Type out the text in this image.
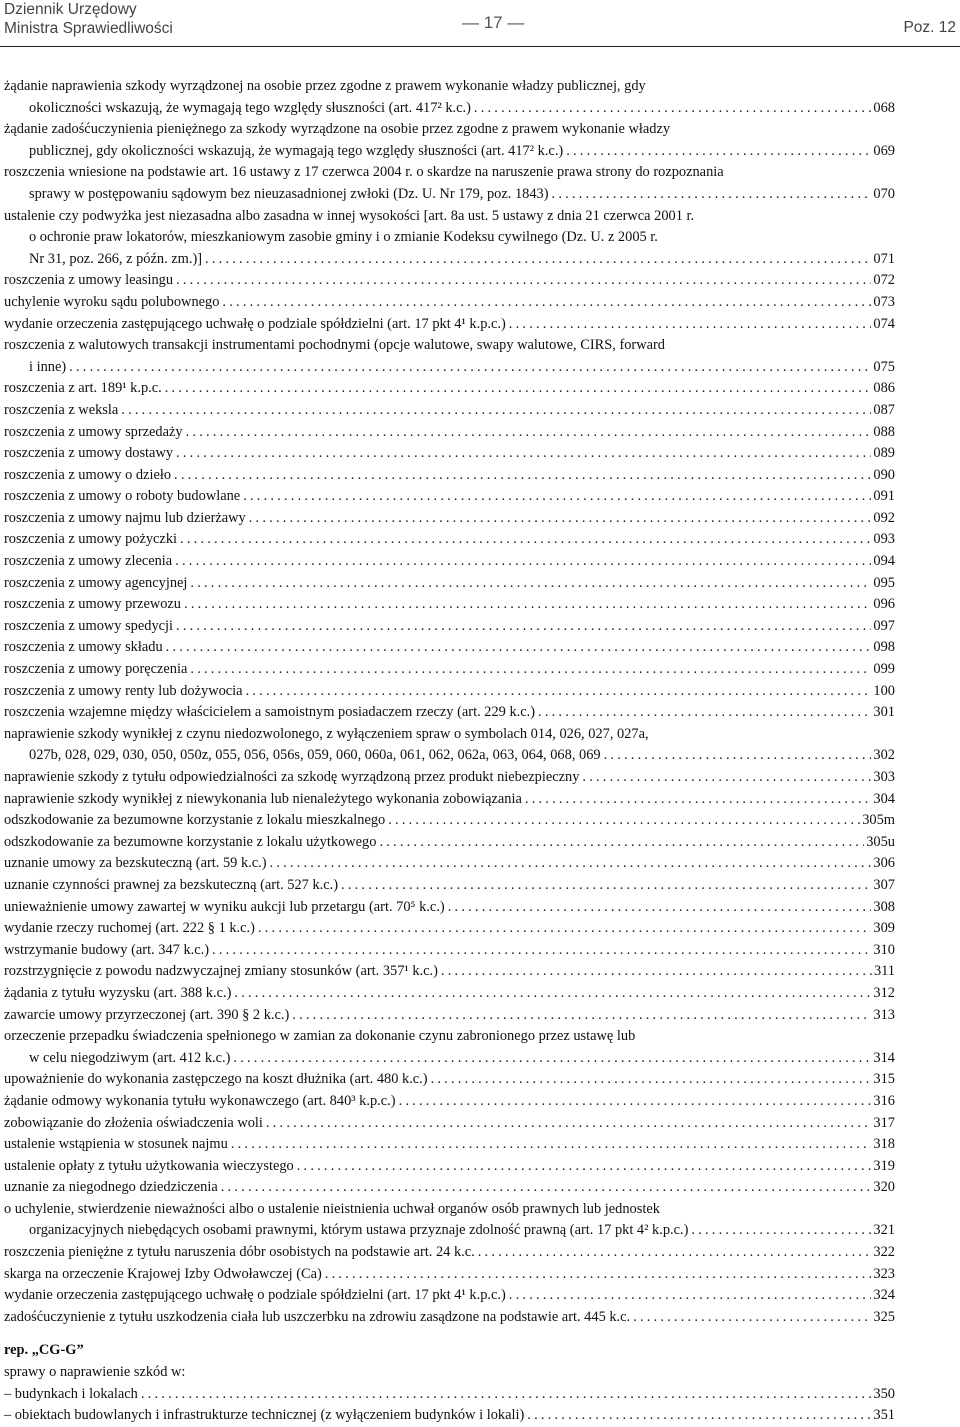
Dziennik Urzędowy
Ministra Sprawiedliwości	— 17 —	Poz. 12
żądanie naprawienia szkody wyrządzonej na osobie przez zgodne z prawem wykonanie władzy publicznej, gdy
okoliczności wskazują, że wymagają tego względy słuszności (art. 417² k.c.) .....	068
żądanie zadośćuczynienia pieniężnego za szkody wyrządzone na osobie przez zgodne z prawem wykonanie władzy
publicznej, gdy okoliczności wskazują, że wymagają tego względy słuszności (art. 417² k.c.) .....	069
roszczenia wniesione na podstawie art. 16 ustawy z 17 czerwca 2004 r. o skardze na naruszenie prawa strony do rozpoznania
sprawy w postępowaniu sądowym bez nieuzasadnionej zwłoki (Dz. U. Nr 179, poz. 1843) .....	070
ustalenie czy podwyżka jest niezasadna albo zasadna w innej wysokości [art. 8a ust. 5 ustawy z dnia 21 czerwca 2001 r.
o ochronie praw lokatorów, mieszkaniowym zasobie gminy i o zmianie Kodeksu cywilnego (Dz. U. z 2005 r.
Nr 31, poz. 266, z późn. zm.)] .....	071
roszczenia z umowy leasingu .....	072
uchylenie wyroku sądu polubownego .....	073
wydanie orzeczenia zastępującego uchwałę o podziale spółdzielni (art. 17 pkt 4¹ k.p.c.) .....	074
roszczenia z walutowych transakcji instrumentami pochodnymi (opcje walutowe, swapy walutowe, CIRS, forward
i inne) .....	075
roszczenia z art. 189¹ k.p.c. .....	086
roszczenia z weksla .....	087
roszczenia z umowy sprzedaży .....	088
roszczenia z umowy dostawy .....	089
roszczenia z umowy o dzieło .....	090
roszczenia z umowy o roboty budowlane .....	091
roszczenia z umowy najmu lub dzierżawy .....	092
roszczenia z umowy pożyczki .....	093
roszczenia z umowy zlecenia .....	094
roszczenia z umowy agencyjnej .....	095
roszczenia z umowy przewozu .....	096
roszczenia z umowy spedycji .....	097
roszczenia z umowy składu .....	098
roszczenia z umowy poręczenia .....	099
roszczenia z umowy renty lub dożywocia .....	100
roszczenia wzajemne między właścicielem a samoistnym posiadaczem rzeczy (art. 229 k.c.) .....	301
naprawienie szkody wynikłej z czynu niedozwolonego, z wyłączeniem spraw o symbolach 014, 026, 027, 027a,
027b, 028, 029, 030, 050, 050z, 055, 056, 056s, 059, 060, 060a, 061, 062, 062a, 063, 064, 068, 069 .....	302
naprawienie szkody z tytułu odpowiedzialności za szkodę wyrządzoną przez produkt niebezpieczny .....	303
naprawienie szkody wynikłej z niewykonania lub nienależytego wykonania zobowiązania .....	304
odszkodowanie za bezumowne korzystanie z lokalu mieszkalnego .....	305m
odszkodowanie za bezumowne korzystanie z lokalu użytkowego .....	305u
uznanie umowy za bezskuteczną (art. 59 k.c.) .....	306
uznanie czynności prawnej za bezskuteczną (art. 527 k.c.) .....	307
unieważnienie umowy zawartej w wyniku aukcji lub przetargu (art. 70⁵ k.c.) .....	308
wydanie rzeczy ruchomej (art. 222 § 1 k.c.) .....	309
wstrzymanie budowy (art. 347 k.c.) .....	310
rozstrzygnięcie z powodu nadzwyczajnej zmiany stosunków (art. 357¹ k.c.) .....	311
żądania z tytułu wyzysku (art. 388 k.c.) .....	312
zawarcie umowy przyrzeczonej (art. 390 § 2 k.c.) .....	313
orzeczenie przepadku świadczenia spełnionego w zamian za dokonanie czynu zabronionego przez ustawę lub
w celu niegodziwym (art. 412 k.c.) .....	314
upoważnienie do wykonania zastępczego na koszt dłużnika (art. 480 k.c.) .....	315
żądanie odmowy wykonania tytułu wykonawczego (art. 840³ k.p.c.) .....	316
zobowiązanie do złożenia oświadczenia woli .....	317
ustalenie wstąpienia w stosunek najmu .....	318
ustalenie opłaty z tytułu użytkowania wieczystego .....	319
uznanie za niegodnego dziedziczenia .....	320
o uchylenie, stwierdzenie nieważności albo o ustalenie nieistnienia uchwał organów osób prawnych lub jednostek
organizacyjnych niebędących osobami prawnymi, którym ustawa przyznaje zdolność prawną (art. 17 pkt 4² k.p.c.) .....	321
roszczenia pieniężne z tytułu naruszenia dóbr osobistych na podstawie art. 24 k.c. .....	322
skarga na orzeczenie Krajowej Izby Odwoławczej (Ca) .....	323
wydanie orzeczenia zastępującego uchwałę o podziale spółdzielni (art. 17 pkt 4¹ k.p.c.) .....	324
zadośćuczynienie z tytułu uszkodzenia ciała lub uszczerbku na zdrowiu zasądzone na podstawie art. 445 k.c. .....	325
rep. „CG-G”
sprawy o naprawienie szkód w:
– budynkach i lokalach .....	350
– obiektach budowlanych i infrastrukturze technicznej (z wyłączeniem budynków i lokali) .....	351
